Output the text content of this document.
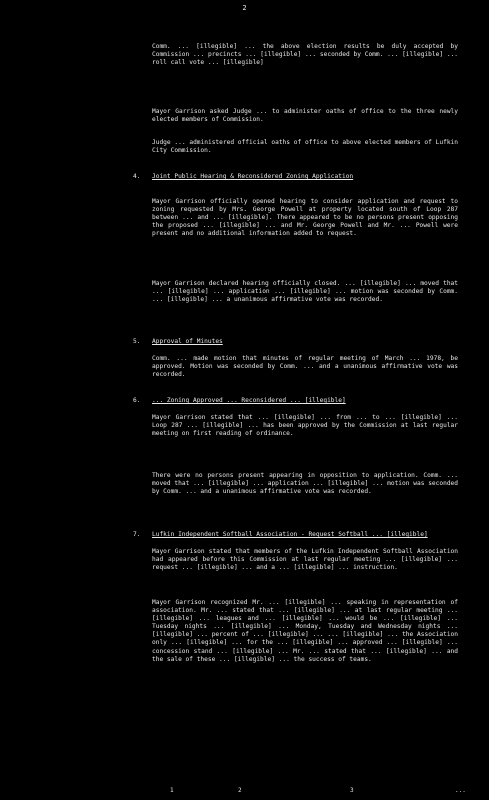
2

Comm. ... [illegible] ... the above election results be duly accepted by Commission ... precincts ... [illegible] ... seconded by Comm. ... [illegible] ... roll call vote ... [illegible]

Mayor Garrison asked Judge ... to administer oaths of office to the three newly elected members of Commission.

Judge ... administered official oaths of office to above elected members of Lufkin City Commission.

4. Joint Public Hearing & Reconsidered Zoning Application

Mayor Garrison officially opened hearing to consider application and request to zoning requested by Mrs. George Powell at property located south of Loop 287 between ... and ... [illegible]. There appeared to be no persons present opposing the proposed ... [illegible] ... and Mr. George Powell and Mr. ... Powell were present and no additional information added to request.

Mayor Garrison declared hearing officially closed. ... [illegible] ... moved that ... [illegible] ... application ... [illegible] ... motion was seconded by Comm. ... [illegible] ... a unanimous affirmative vote was recorded.

5. Approval of Minutes

Comm. ... made motion that minutes of regular meeting of March ... 1978, be approved. Motion was seconded by Comm. ... and a unanimous affirmative vote was recorded.

6. ... Zoning Approved ... Reconsidered ... [illegible]

Mayor Garrison stated that ... [illegible] ... from ... to ... [illegible] ... Loop 287 ... [illegible] ... has been approved by the Commission at last regular meeting on first reading of ordinance.

There were no persons present appearing in opposition to application. Comm. ... moved that ... [illegible] ... application ... [illegible] ... motion was seconded by Comm. ... and a unanimous affirmative vote was recorded.

7. Lufkin Independent Softball Association - Request Softball ... [illegible]

Mayor Garrison stated that members of the Lufkin Independent Softball Association had appeared before this Commission at last regular meeting ... [illegible] ... request ... [illegible] ... and a ... [illegible] ... instruction.

Mayor Garrison recognized Mr. ... [illegible] ... speaking in representation of association. Mr. ... stated that ... [illegible] ... at last regular meeting ... [illegible] ... leagues and ... [illegible] ... would be ... [illegible] ... Tuesday nights ... [illegible] ... Monday, Tuesday and Wednesday nights ... [illegible] ... percent of ... [illegible] ... ... [illegible] ... the Association only ... [illegible] ... for the ... [illegible] ... approved ... [illegible] ... concession stand ... [illegible] ... Mr. ... stated that ... [illegible] ... and the sale of these ... [illegible] ... the success of teams.

1	2	3	...
